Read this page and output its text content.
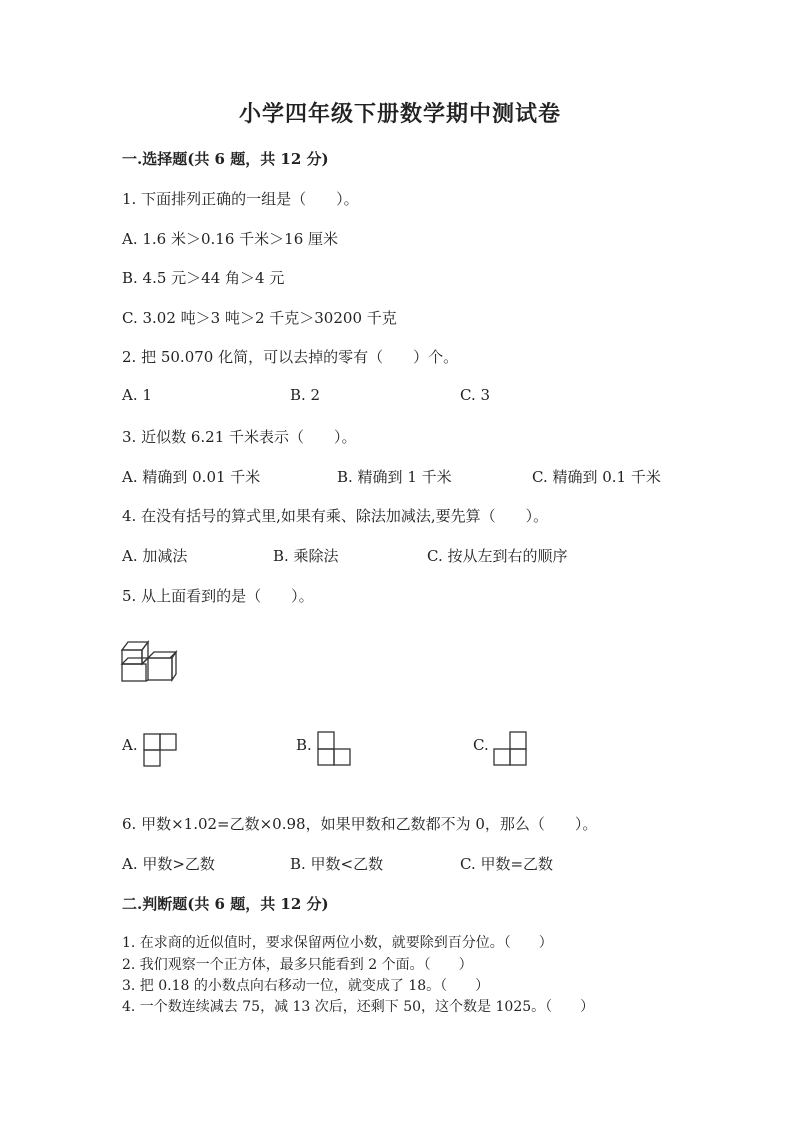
小学四年级下册数学期中测试卷
一.选择题(共 6 题，共 12 分)
1. 下面排列正确的一组是（　　）。
A. 1.6 米＞0.16 千米＞16 厘米
B. 4.5 元＞44 角＞4 元
C. 3.02 吨＞3 吨＞2 千克＞30200 千克
2. 把 50.070 化简，可以去掉的零有（　　）个。
A. 1	B. 2	C. 3
3. 近似数 6.21 千米表示（　　）。
A. 精确到 0.01 千米	B. 精确到 1 千米	C. 精确到 0.1 千米
4. 在没有括号的算式里,如果有乘、除法加减法,要先算（　　）。
A. 加减法	B. 乘除法	C. 按从左到右的顺序
5. 从上面看到的是（　　）。
A.	B.	C.
6. 甲数×1.02=乙数×0.98，如果甲数和乙数都不为 0，那么（　　）。
A. 甲数>乙数	B. 甲数<乙数	C. 甲数=乙数
二.判断题(共 6 题，共 12 分)
1. 在求商的近似值时，要求保留两位小数，就要除到百分位。（　　）
2. 我们观察一个正方体，最多只能看到 2 个面。（　　）
3. 把 0.18 的小数点向右移动一位，就变成了 18。（　　）
4. 一个数连续减去 75，减 13 次后，还剩下 50，这个数是 1025。（　　）
